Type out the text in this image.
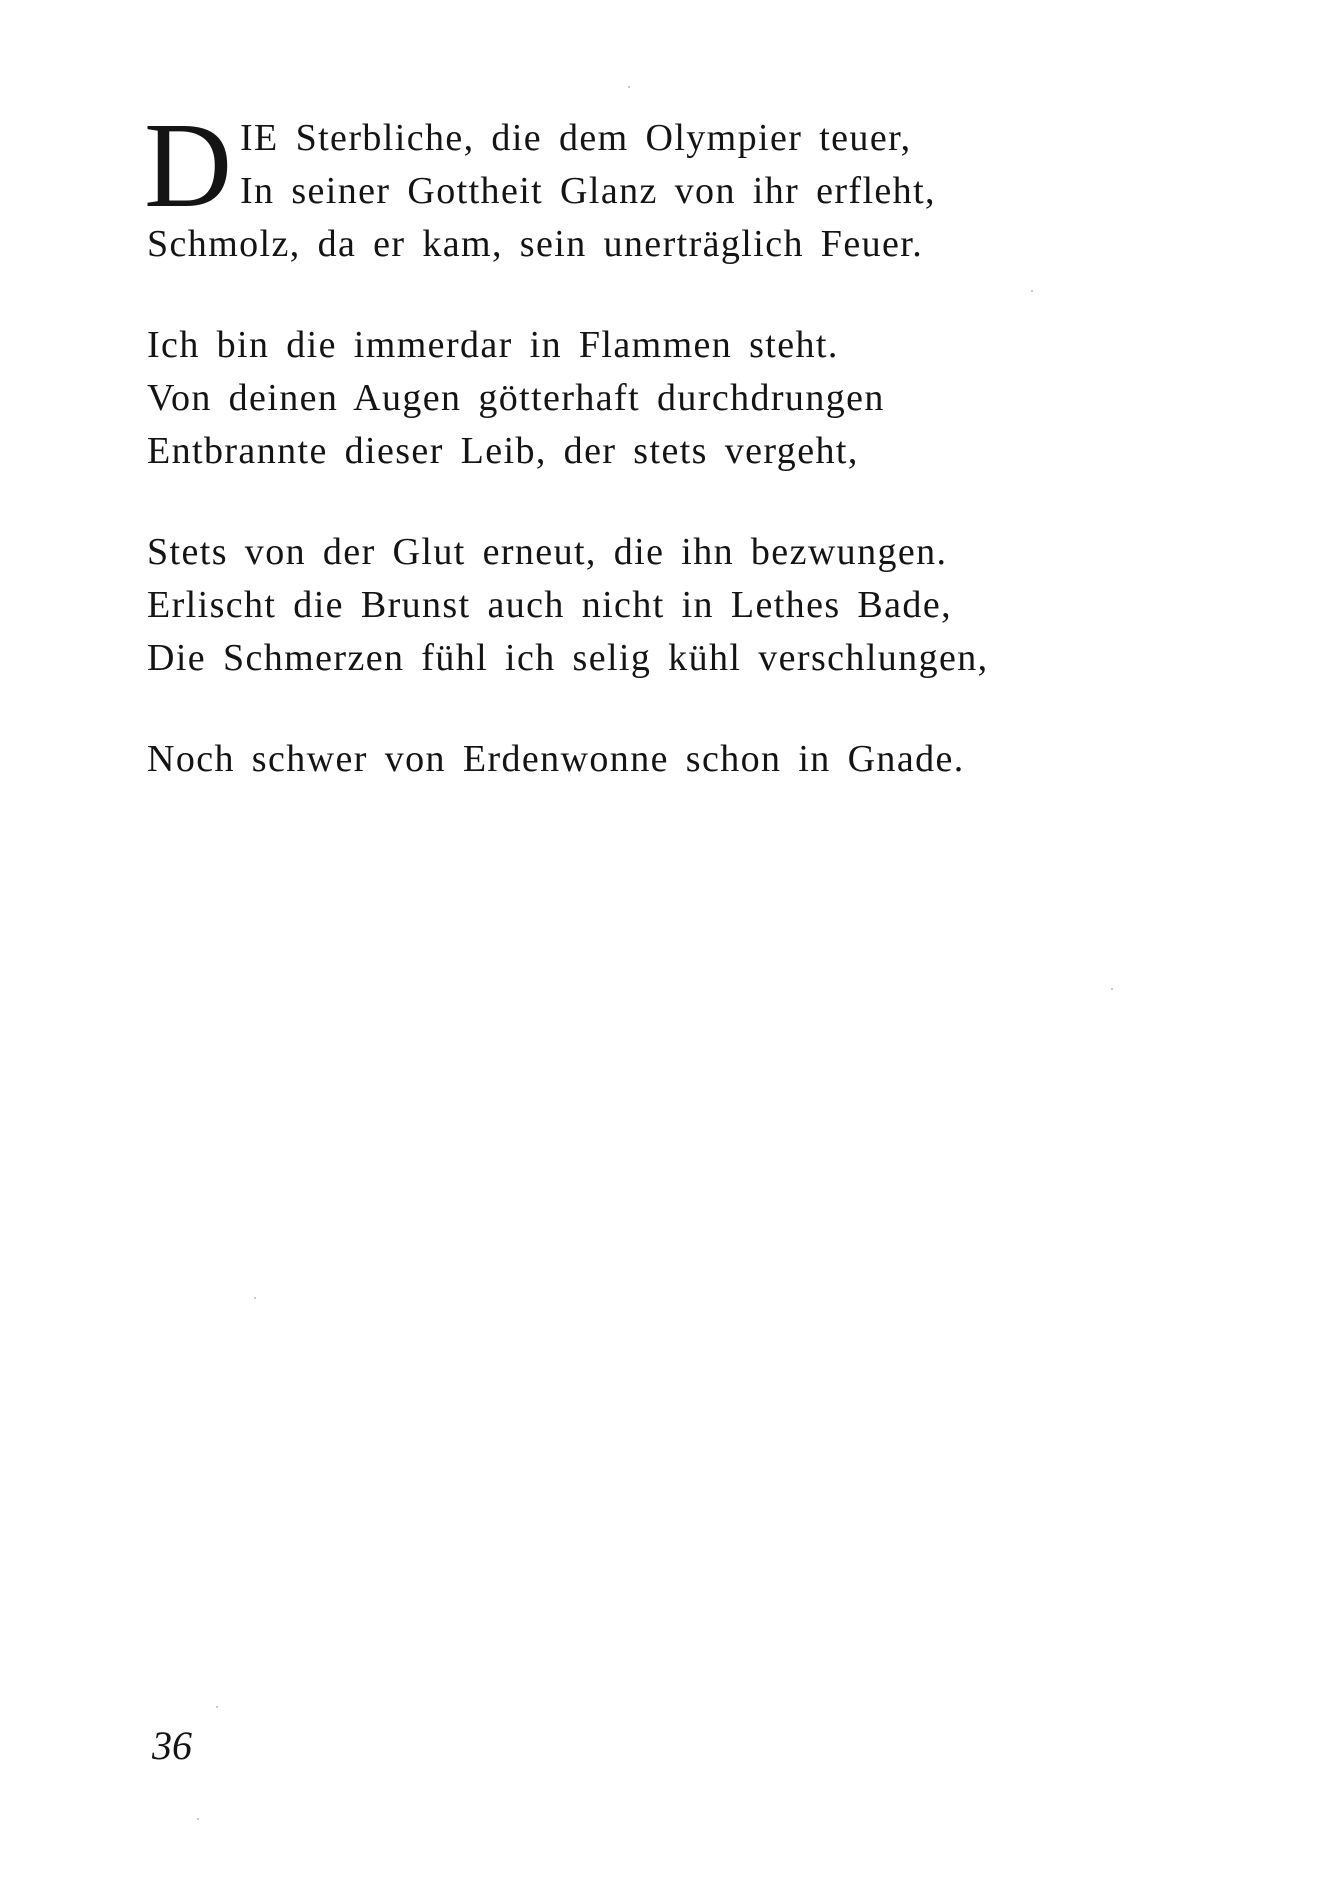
D IE Sterbliche, die dem Olympier teuer,
In seiner Gottheit Glanz von ihr erfleht,
Schmolz, da er kam, sein unerträglich Feuer.
Ich bin die immerdar in Flammen steht.
Von deinen Augen götterhaft durchdrungen
Entbrannte dieser Leib, der stets vergeht,
Stets von der Glut erneut, die ihn bezwungen.
Erlischt die Brunst auch nicht in Lethes Bade,
Die Schmerzen fühl ich selig kühl verschlungen,
Noch schwer von Erdenwonne schon in Gnade.
36
